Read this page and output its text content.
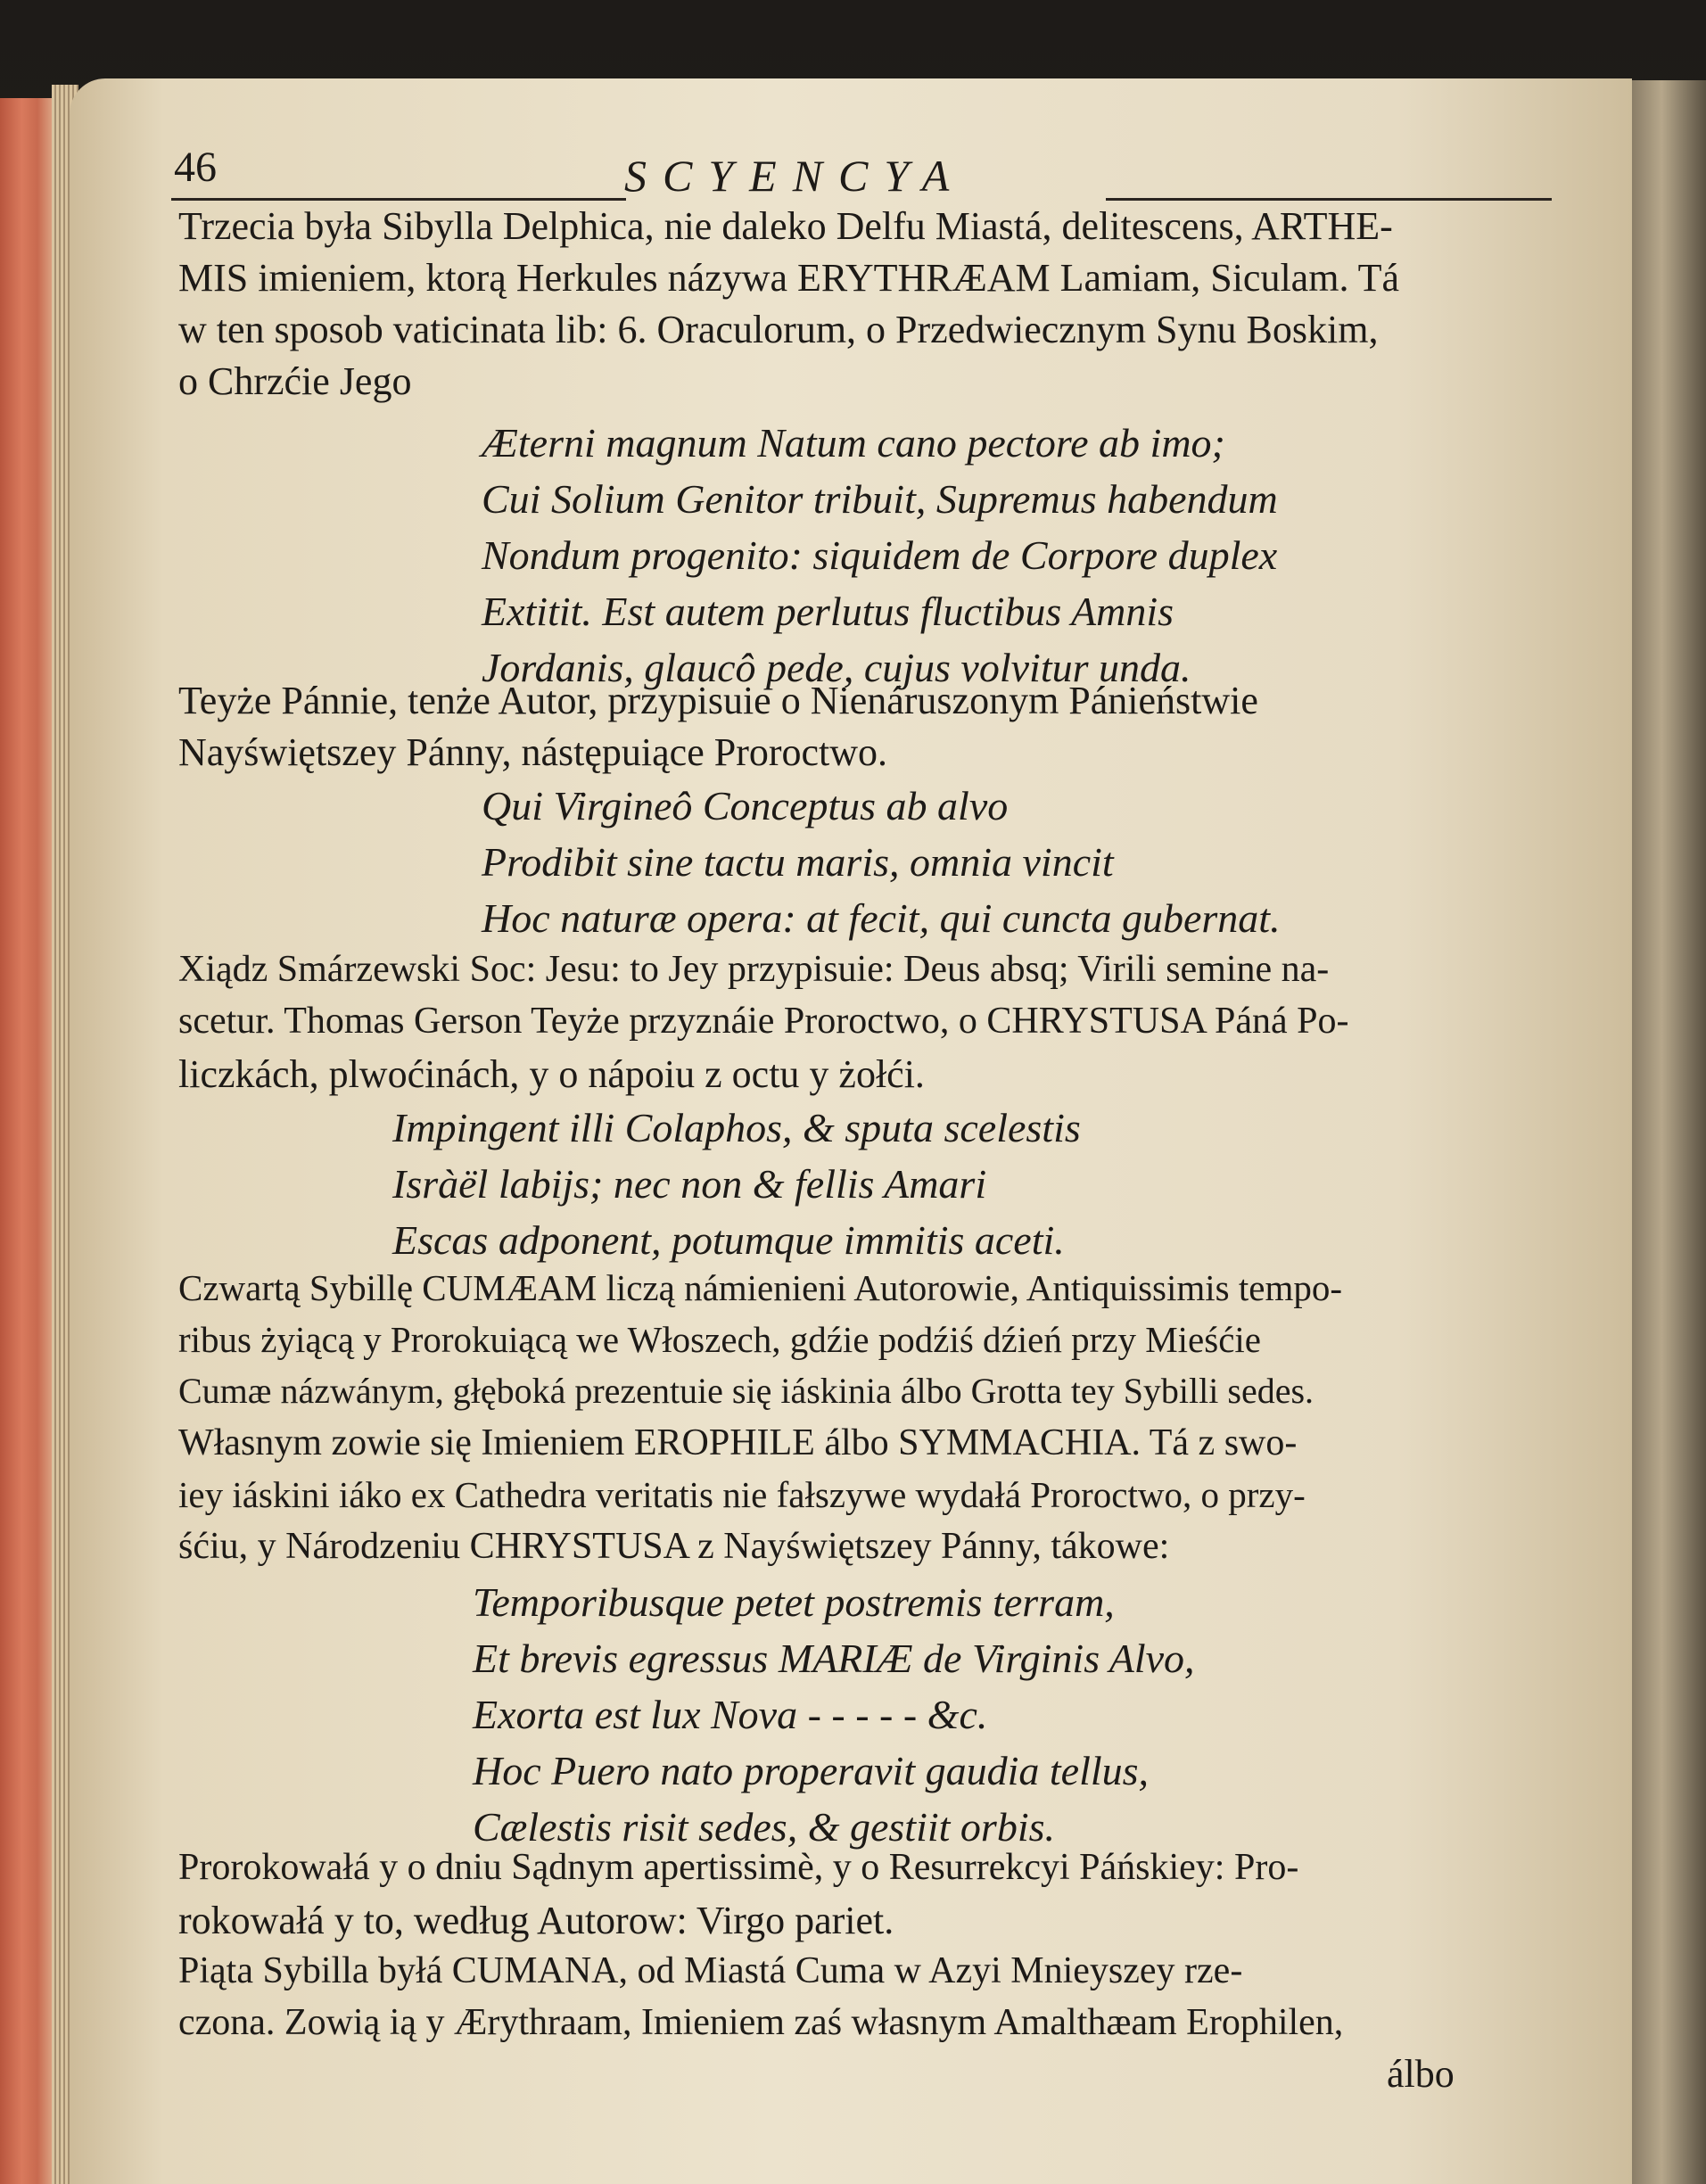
46	SCYENCYA
Trzecia była Sibylla Delphica, nie daleko Delfu Miastá, delitescens, ARTHE-
MIS imieniem, ktorą Herkules názywa ERYTHRÆAM Lamiam, Siculam. Tá
w ten sposob vaticinata lib: 6. Oraculorum, o Przedwiecznym Synu Boskim,
o Chrzćie Jego
Æterni magnum Natum cano pectore ab imo;
Cui Solium Genitor tribuit, Supremus habendum
Nondum progenito: siquidem de Corpore duplex
Extitit. Est autem perlutus fluctibus Amnis
Jordanis, glaucô pede, cujus volvitur unda.
Teyże Pánnie, tenże Autor, przypisuie o Nienáruszonym Pánieństwie
Nayświętszey Pánny, nástępuiące Proroctwo.
Qui Virgineô Conceptus ab alvo
Prodibit sine tactu maris, omnia vincit
Hoc naturæ opera: at fecit, qui cuncta gubernat.
Xiądz Smárzewski Soc: Jesu: to Jey przypisuie: Deus absq; Virili semine na-
scetur. Thomas Gerson Teyże przyznáie Proroctwo, o CHRYSTUSA Páná Po-
liczkách, plwoćinách, y o nápoiu z octu y żołći.
Impingent illi Colaphos, & sputa scelestis
Isràël labijs; nec non & fellis Amari
Escas adponent, potumque immitis aceti.
Czwartą Sybillę CUMÆAM liczą námienieni Autorowie, Antiquissimis tempo-
ribus żyiącą y Prorokuiącą we Włoszech, gdźie podźiś dźień przy Mieśćie
Cumæ názwánym, głęboká prezentuie się iáskinia álbo Grotta tey Sybilli sedes.
Własnym zowie się Imieniem EROPHILE álbo SYMMACHIA. Tá z swo-
iey iáskini iáko ex Cathedra veritatis nie fałszywe wydałá Proroctwo, o przy-
śćiu, y Národzeniu CHRYSTUSA z Nayświętszey Pánny, tákowe:
Temporibusque petet postremis terram,
Et brevis egressus MARIÆ de Virginis Alvo,
Exorta est lux Nova - - - - - &c.
Hoc Puero nato properavit gaudia tellus,
Cælestis risit sedes, & gestiit orbis.
Prorokowałá y o dniu Sądnym apertissimè, y o Resurrekcyi Páńskiey: Pro-
rokowałá y to, według Autorow: Virgo pariet.
Piąta Sybilla byłá CUMANA, od Miastá Cuma w Azyi Mnieyszey rze-
czona. Zowią ią y Ærythraam, Imieniem zaś własnym Amalthæam Erophilen,
álbo
